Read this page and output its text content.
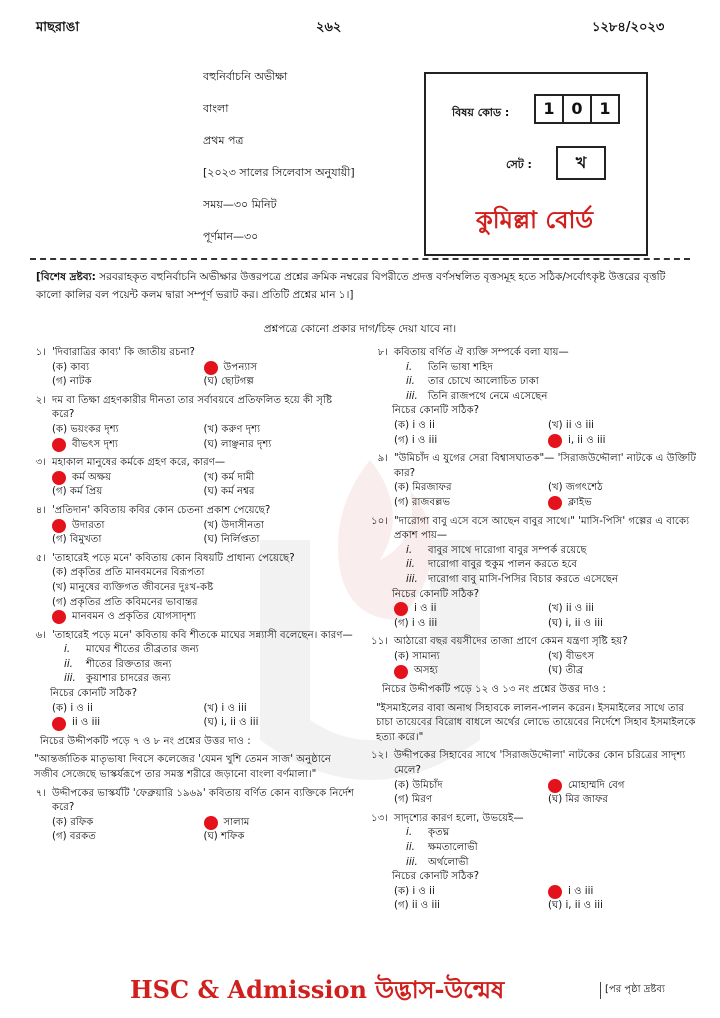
মাছরাঙা	২৬২	১২৮৪/২০২৩
বহুনির্বাচনি অভীক্ষা
বাংলা
প্রথম পত্র
[২০২৩ সালের সিলেবাস অনুযায়ী]
সময়—৩০ মিনিট
পূর্ণমান—৩০
বিষয় কোড :	1 0 1
সেট :	খ
কুমিল্লা বোর্ড
[বিশেষ দ্রষ্টব্য: সরবরাহকৃত বহুনির্বাচনি অভীক্ষার উত্তরপত্রে প্রশ্নের ক্রমিক নম্বরের বিপরীতে প্রদত্ত বর্ণসম্বলিত বৃত্তসমূহ হতে সঠিক/সর্বোৎকৃষ্ট উত্তরের বৃত্তটি কালো কালির বল পয়েন্ট কলম দ্বারা সম্পূর্ণ ভরাট কর। প্রতিটি প্রশ্নের মান ১।]
প্রশ্নপত্রে কোনো প্রকার দাগ/চিহ্ন দেয়া যাবে না।
১। 'দিবারাত্রির কাব্য' কি জাতীয় রচনা?
(ক) কাব্য	উপন্যাস
(গ) নাটক	(ঘ) ছোটগল্প
২। দম বা তিক্ষা গ্রহণকারীর দীনতা তার সর্বাবয়বে প্রতিফলিত হয়ে কী সৃষ্টি করে?
(ক) ভয়ংকর দৃশ্য	(খ) করুণ দৃশ্য
বীভৎস দৃশ্য	(ঘ) লাঞ্ছনার দৃশ্য
৩। মহাকাল মানুষের কর্মকে গ্রহণ করে, কারণ—
কর্ম অক্ষয়	(খ) কর্ম দামী
(গ) কর্ম প্রিয়	(ঘ) কর্ম নশ্বর
৪। 'প্রতিদান' কবিতায় কবির কোন চেতনা প্রকাশ পেয়েছে?
উদারতা	(খ) উদাসীনতা
(গ) বিমুখতা	(ঘ) নির্লিপ্ততা
৫। 'তাহারেই পড়ে মনে' কবিতায় কোন বিষয়টি প্রাধান্য পেয়েছে?
(ক) প্রকৃতির প্রতি মানবমনের বিরূপতা
(খ) মানুষের ব্যক্তিগত জীবনের দুঃখ-কষ্ট
(গ) প্রকৃতির প্রতি কবিমনের ভাবান্তর
মানবমন ও প্রকৃতির যোগসাদৃশ্য
৬। 'তাহারেই পড়ে মনে' কবিতায় কবি শীতকে মাঘের সন্ন্যাসী বলেছেন। কারণ—
i. মাঘের শীতের তীব্রতার জন্য
ii. শীতের রিক্ততার জন্য
iii. কুয়াশার চাদরের জন্য
নিচের কোনটি সঠিক?
(ক) i ও ii	(খ) i ও iii
ii ও iii	(ঘ) i, ii ও iii
নিচের উদ্দীপকটি পড়ে ৭ ও ৮ নং প্রশ্নের উত্তর দাও :
"আন্তর্জাতিক মাতৃভাষা দিবসে কলেজের 'যেমন খুশি তেমন সাজ' অনুষ্ঠানে সজীব সেজেছে ভাস্কর্যরূপে তার সমস্ত শরীরে জড়ানো বাংলা বর্ণমালা।"
৭। উদ্দীপকের ভাস্কর্যটি 'ফেব্রুয়ারি ১৯৬৯' কবিতায় বর্ণিত কোন ব্যক্তিকে নির্দেশ করে?
(ক) রফিক	সালাম
(গ) বরকত	(ঘ) শফিক
৮। কবিতায় বর্ণিত ঐ ব্যক্তি সম্পর্কে বলা যায়—
i. তিনি ভাষা শহিদ
ii. তার চোখে আলোচিত ঢাকা
iii. তিনি রাজপথে নেমে এসেছেন
নিচের কোনটি সঠিক?
(ক) i ও ii	(খ) ii ও iii
(গ) i ও iii	i, ii ও iii
৯। "উমিচাঁদ এ যুগের সেরা বিশ্বাসঘাতক"— 'সিরাজউদ্দৌলা' নাটকে এ উক্তিটি কার?
(ক) মিরজাফর	(খ) জগৎশেঠ
(গ) রাজবল্লভ	ক্লাইভ
১০। "দারোগা বাবু এসে বসে আছেন বাবুর সাথে।" 'মাসি-পিসি' গল্পের এ বাক্যে প্রকাশ পায়—
i. বাবুর সাথে দারোগা বাবুর সম্পর্ক রয়েছে
ii. দারোগা বাবুর হুকুম পালন করতে হবে
iii. দারোগা বাবু মাসি-পিসির বিচার করতে এসেছেন
নিচের কোনটি সঠিক?
i ও ii	(খ) ii ও iii
(গ) i ও iii	(ঘ) i, ii ও iii
১১। আঠারো বছর বয়সীদের তাজা প্রাণে কেমন যন্ত্রণা সৃষ্টি হয়?
(ক) সামান্য	(খ) বীভৎস
অসহ্য	(ঘ) তীব্র
নিচের উদ্দীপকটি পড়ে ১২ ও ১৩ নং প্রশ্নের উত্তর দাও :
"ইসমাইলের বাবা অনাথ সিহাবকে লালন-পালন করেন। ইসমাইলের সাথে তার চাচা তায়েবের বিরোধ বাধলে অর্থের লোভে তায়েবের নির্দেশে সিহাব ইসমাইলকে হত্যা করে।"
১২। উদ্দীপকের সিহাবের সাথে 'সিরাজউদ্দৌলা' নাটকের কোন চরিত্রের সাদৃশ্য মেলে?
(ক) উমিচাঁদ	মোহাম্মদি বেগ
(গ) মিরণ	(ঘ) মির জাফর
১৩। সাদৃশ্যের কারণ হলো, উভয়েই—
i. কৃতঘ্ন
ii. ক্ষমতালোভী
iii. অর্থলোভী
নিচের কোনটি সঠিক?
(ক) i ও ii	i ও iii
(গ) ii ও iii	(ঘ) i, ii ও iii
HSC & Admission উদ্ভাস-উন্মেষ	[পর পৃষ্ঠা দ্রষ্টব্য
